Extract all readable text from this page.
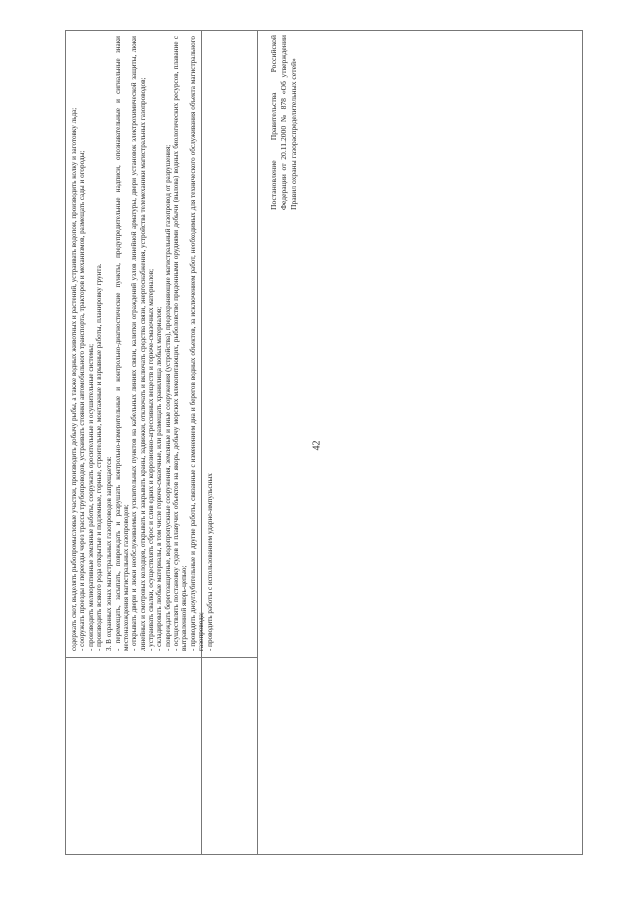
42

содержать скот, выделять рыбопромысловые участки, производить добычу рыбы, а также водных животных и растений, устраивать водопои, производить колку и заготовку льда; - сооружать проезды и переезды через трассы трубопроводов, устраивать стоянки автомобильного транспорта, тракторов и механизмов, размещать сады и огороды; - производить мелиоративные земляные работы, сооружать оросительные и осушительные системы; - производить всякого рода открытые и подземные, горные, строительные, монтажные и взрывные работы, планировку грунта. 3. В охранных зонах магистральных газопроводов запрещается: - перемещать, засыпать, повреждать и разрушать контрольно-измерительные и контрольно-диагностические пункты, предупредительные надписи, опознавательные и сигнальные знаки местонахождения магистральных газопроводов; - открывать двери и люки необслуживаемых усилительных пунктов на кабельных линиях связи, калитки ограждений узлов линейной арматуры, двери установок электрохимической защиты, люки линейных и смотровых колодцев, открывать и закрывать краны, задвижки, отключать и включать средства связи, энергоснабжения, устройства телемеханики магистральных газопроводов; - устраивать свалки, осуществлять сброс и слив едких и коррозионно-агрессивных веществ и горюче-смазочных материалов; - складировать любые материалы, в том числе горюче-смазочные, или размещать хранилища любых материалов; - повреждать берегозащитные, водопропускные сооружения, земляные и иные сооружения (устройства), предохраняющие магистральный газопровод от разрушения; - осуществлять постановку судов и плавучих объектов на якорь, добычу морских млекопитающих, рыболовство придонными орудиями добычи (вылова) водных биологических ресурсов, плавание с вытравленной якорь-цепью; - проводить дноуглубительные и другие работы, связанные с изменением дна и берегов водных объектов, за исключением работ, необходимых для технического обслуживания объекта магистрального газопровода; - проводить работы с использованием ударно-импульсных

Постановление Правительства Российской Федерации от 20.11.2000 № 878 «Об утверждении Правил охраны газораспределительных сетей»
